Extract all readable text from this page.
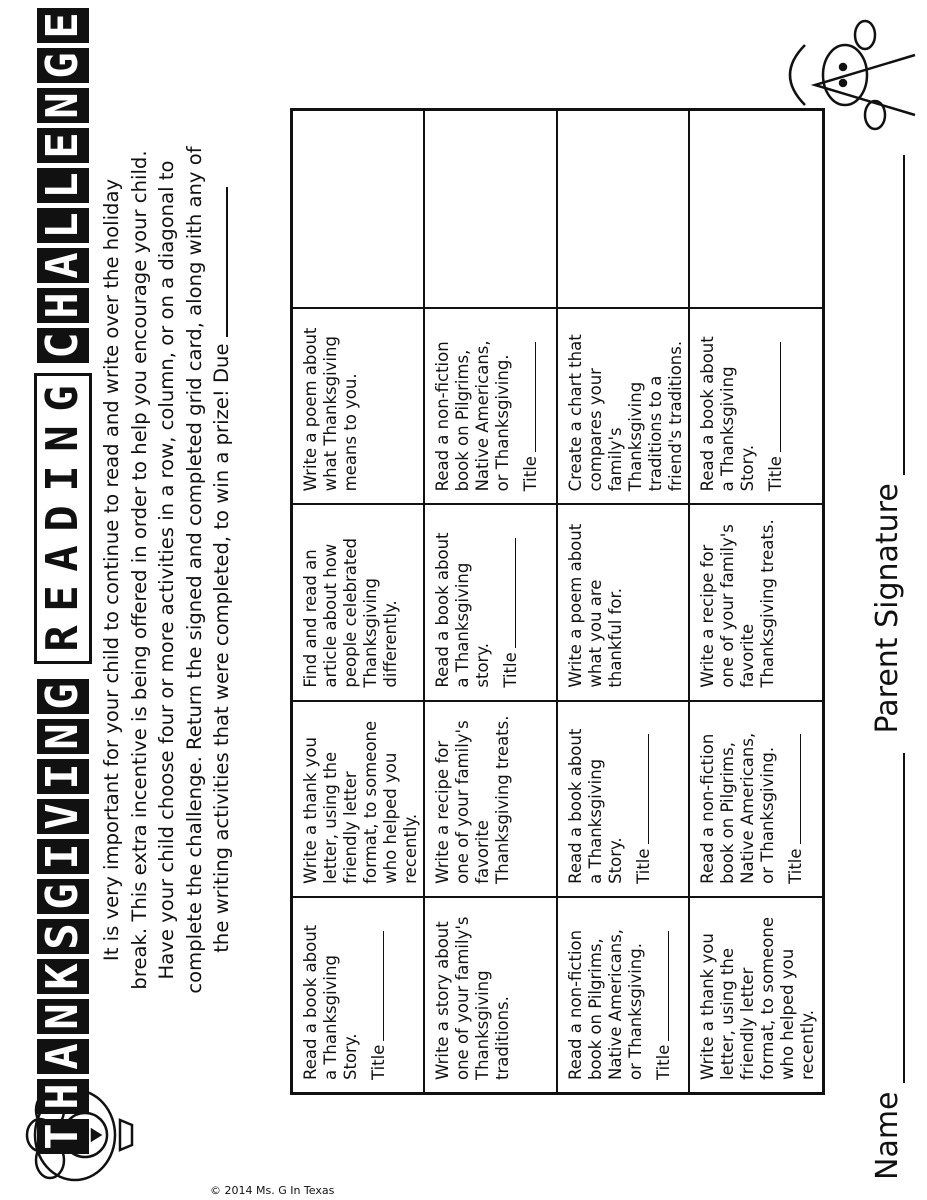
T
H
A
N
K
S
G
I
V
I
N
G
R
E
A
D
I
N
G
C
H
A
L
L
E
N
G
E

It is very important for your child to continue to read and write over the holiday break. This extra incentive is being offered in order to help you encourage your child. Have your child choose four or more activities in a row, column, or on a diagonal to complete the challenge. Return the signed and completed grid card, along with any of the writing activities that were completed, to win a prize! Due

Read a book about a Thanksgiving Story. Title
Write a thank you letter, using the friendly letter format, to someone who helped you recently.
Find and read an article about how people celebrated Thanksgiving differently.
Write a poem about what Thanksgiving means to you.
Write a story about one of your family's Thanksgiving traditions.
Write a recipe for one of your family's favorite Thanksgiving treats.
Read a book about a Thanksgiving story. Title
Read a non-fiction book on Pilgrims, Native Americans, or Thanksgiving. Title
Read a non-fiction book on Pilgrims, Native Americans, or Thanksgiving. Title
Read a book about a Thanksgiving Story. Title
Write a poem about what you are thankful for.
Create a chart that compares your family's Thanksgiving traditions to a friend's traditions.
Write a thank you letter, using the friendly letter format, to someone who helped you recently.
Read a non-fiction book on Pilgrims, Native Americans, or Thanksgiving. Title
Write a recipe for one of your family's favorite Thanksgiving treats.
Read a book about a Thanksgiving Story. Title
Name
Parent Signature
© 2014 Ms. G In Texas
